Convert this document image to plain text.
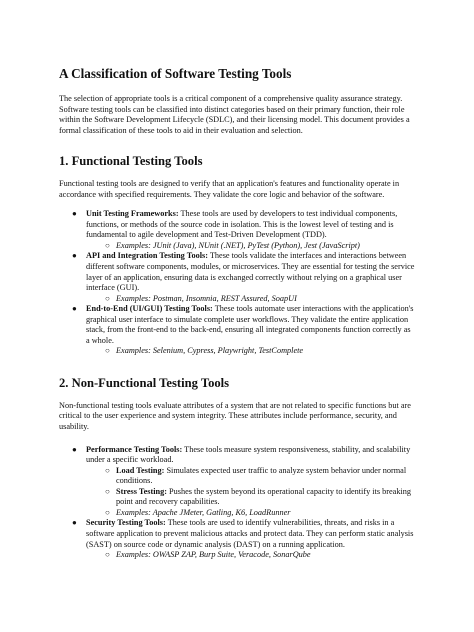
A Classification of Software Testing Tools

The selection of appropriate tools is a critical component of a comprehensive quality assurance strategy. Software testing tools can be classified into distinct categories based on their primary function, their role within the Software Development Lifecycle (SDLC), and their licensing model. This document provides a formal classification of these tools to aid in their evaluation and selection.

1. Functional Testing Tools

Functional testing tools are designed to verify that an application's features and functionality operate in accordance with specified requirements. They validate the core logic and behavior of the software.

● Unit Testing Frameworks: These tools are used by developers to test individual components, functions, or methods of the source code in isolation. This is the lowest level of testing and is fundamental to agile development and Test-Driven Development (TDD).
○ Examples: JUnit (Java), NUnit (.NET), PyTest (Python), Jest (JavaScript)
● API and Integration Testing Tools: These tools validate the interfaces and interactions between different software components, modules, or microservices. They are essential for testing the service layer of an application, ensuring data is exchanged correctly without relying on a graphical user interface (GUI).
○ Examples: Postman, Insomnia, REST Assured, SoapUI
● End-to-End (UI/GUI) Testing Tools: These tools automate user interactions with the application's graphical user interface to simulate complete user workflows. They validate the entire application stack, from the front-end to the back-end, ensuring all integrated components function correctly as a whole.
○ Examples: Selenium, Cypress, Playwright, TestComplete
2. Non-Functional Testing Tools

Non-functional testing tools evaluate attributes of a system that are not related to specific functions but are critical to the user experience and system integrity. These attributes include performance, security, and usability.

● Performance Testing Tools: These tools measure system responsiveness, stability, and scalability under a specific workload.
○ Load Testing: Simulates expected user traffic to analyze system behavior under normal conditions.
○ Stress Testing: Pushes the system beyond its operational capacity to identify its breaking point and recovery capabilities.
○ Examples: Apache JMeter, Gatling, K6, LoadRunner
● Security Testing Tools: These tools are used to identify vulnerabilities, threats, and risks in a software application to prevent malicious attacks and protect data. They can perform static analysis (SAST) on source code or dynamic analysis (DAST) on a running application.
○ Examples: OWASP ZAP, Burp Suite, Veracode, SonarQube
